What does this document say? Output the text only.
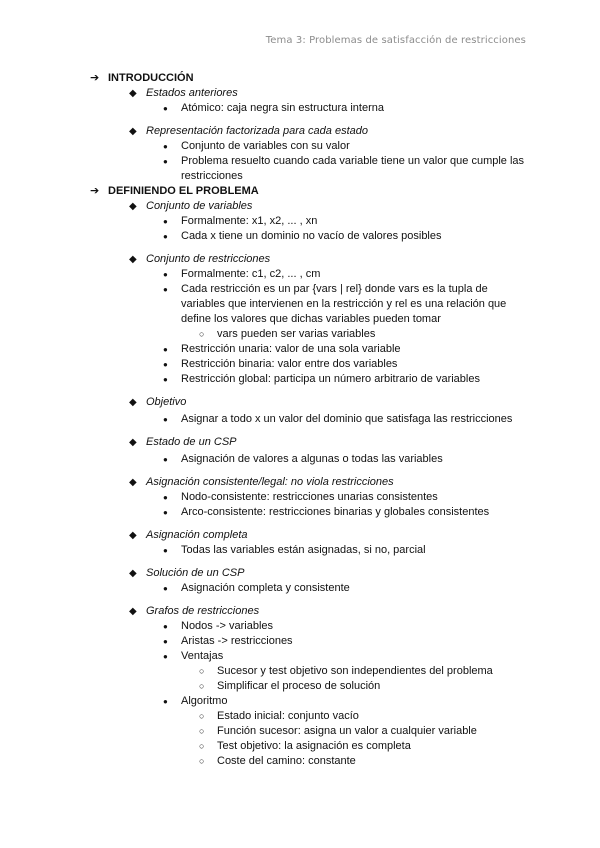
Tema 3: Problemas de satisfacción de restricciones
➔ INTRODUCCIÓN
◆ Estados anteriores
● Atómico: caja negra sin estructura interna
◆ Representación factorizada para cada estado
● Conjunto de variables con su valor
● Problema resuelto cuando cada variable tiene un valor que cumple las restricciones
➔ DEFINIENDO EL PROBLEMA
◆ Conjunto de variables
● Formalmente: x1, x2, ... , xn
● Cada x tiene un dominio no vacío de valores posibles
◆ Conjunto de restricciones
● Formalmente: c1, c2, ... , cm
● Cada restricción es un par {vars | rel} donde vars es la tupla de variables que intervienen en la restricción y rel es una relación que define los valores que dichas variables pueden tomar
○ vars pueden ser varias variables
● Restricción unaria: valor de una sola variable
● Restricción binaria: valor entre dos variables
● Restricción global: participa un número arbitrario de variables
◆ Objetivo
● Asignar a todo x un valor del dominio que satisfaga las restricciones
◆ Estado de un CSP
● Asignación de valores a algunas o todas las variables
◆ Asignación consistente/legal: no viola restricciones
● Nodo-consistente: restricciones unarias consistentes
● Arco-consistente: restricciones binarias y globales consistentes
◆ Asignación completa
● Todas las variables están asignadas, si no, parcial
◆ Solución de un CSP
● Asignación completa y consistente
◆ Grafos de restricciones
● Nodos -> variables
● Aristas -> restricciones
● Ventajas
○ Sucesor y test objetivo son independientes del problema
○ Simplificar el proceso de solución
● Algoritmo
○ Estado inicial: conjunto vacío
○ Función sucesor: asigna un valor a cualquier variable
○ Test objetivo: la asignación es completa
○ Coste del camino: constante
